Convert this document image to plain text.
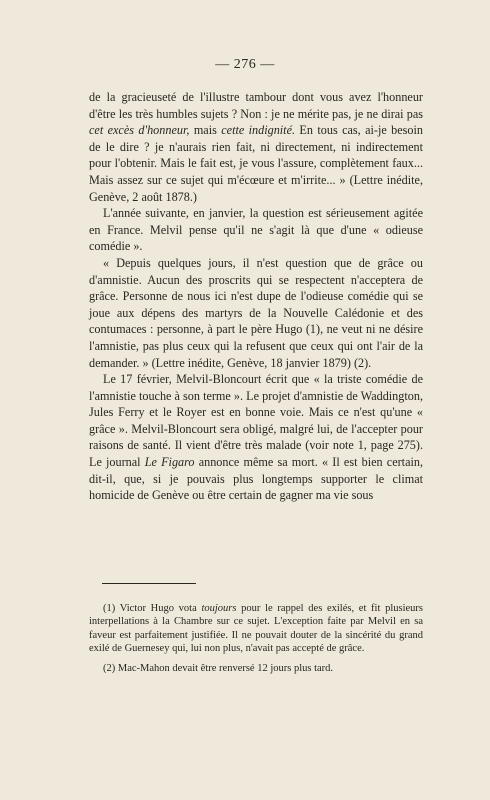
— 276 —

de la gracieuseté de l'illustre tambour dont vous avez l'honneur d'être les très humbles sujets ? Non : je ne mérite pas, je ne dirai pas cet excès d'honneur, mais cette indignité. En tous cas, ai-je besoin de le dire ? je n'aurais rien fait, ni directement, ni indirectement pour l'obtenir. Mais le fait est, je vous l'assure, complètement faux... Mais assez sur ce sujet qui m'écœure et m'irrite... » (Lettre inédite, Genève, 2 août 1878.)

L'année suivante, en janvier, la question est sérieusement agitée en France. Melvil pense qu'il ne s'agit là que d'une « odieuse comédie ».

« Depuis quelques jours, il n'est question que de grâce ou d'amnistie. Aucun des proscrits qui se respectent n'acceptera de grâce. Personne de nous ici n'est dupe de l'odieuse comédie qui se joue aux dépens des martyrs de la Nouvelle Calédonie et des contumaces : personne, à part le père Hugo (1), ne veut ni ne désire l'amnistie, pas plus ceux qui la refusent que ceux qui ont l'air de la demander. » (Lettre inédite, Genève, 18 janvier 1879) (2).

Le 17 février, Melvil-Bloncourt écrit que « la triste comédie de l'amnistie touche à son terme ». Le projet d'amnistie de Waddington, Jules Ferry et le Royer est en bonne voie. Mais ce n'est qu'une « grâce ». Melvil-Bloncourt sera obligé, malgré lui, de l'accepter pour raisons de santé. Il vient d'être très malade (voir note 1, page 275). Le journal Le Figaro annonce même sa mort. « Il est bien certain, dit-il, que, si je pouvais plus longtemps supporter le climat homicide de Genève ou être certain de gagner ma vie sous

(1) Victor Hugo vota toujours pour le rappel des exilés, et fit plusieurs interpellations à la Chambre sur ce sujet. L'exception faite par Melvil en sa faveur est parfaitement justifiée. Il ne pouvait douter de la sincérité du grand exilé de Guernesey qui, lui non plus, n'avait pas accepté de grâce.

(2) Mac-Mahon devait être renversé 12 jours plus tard.
